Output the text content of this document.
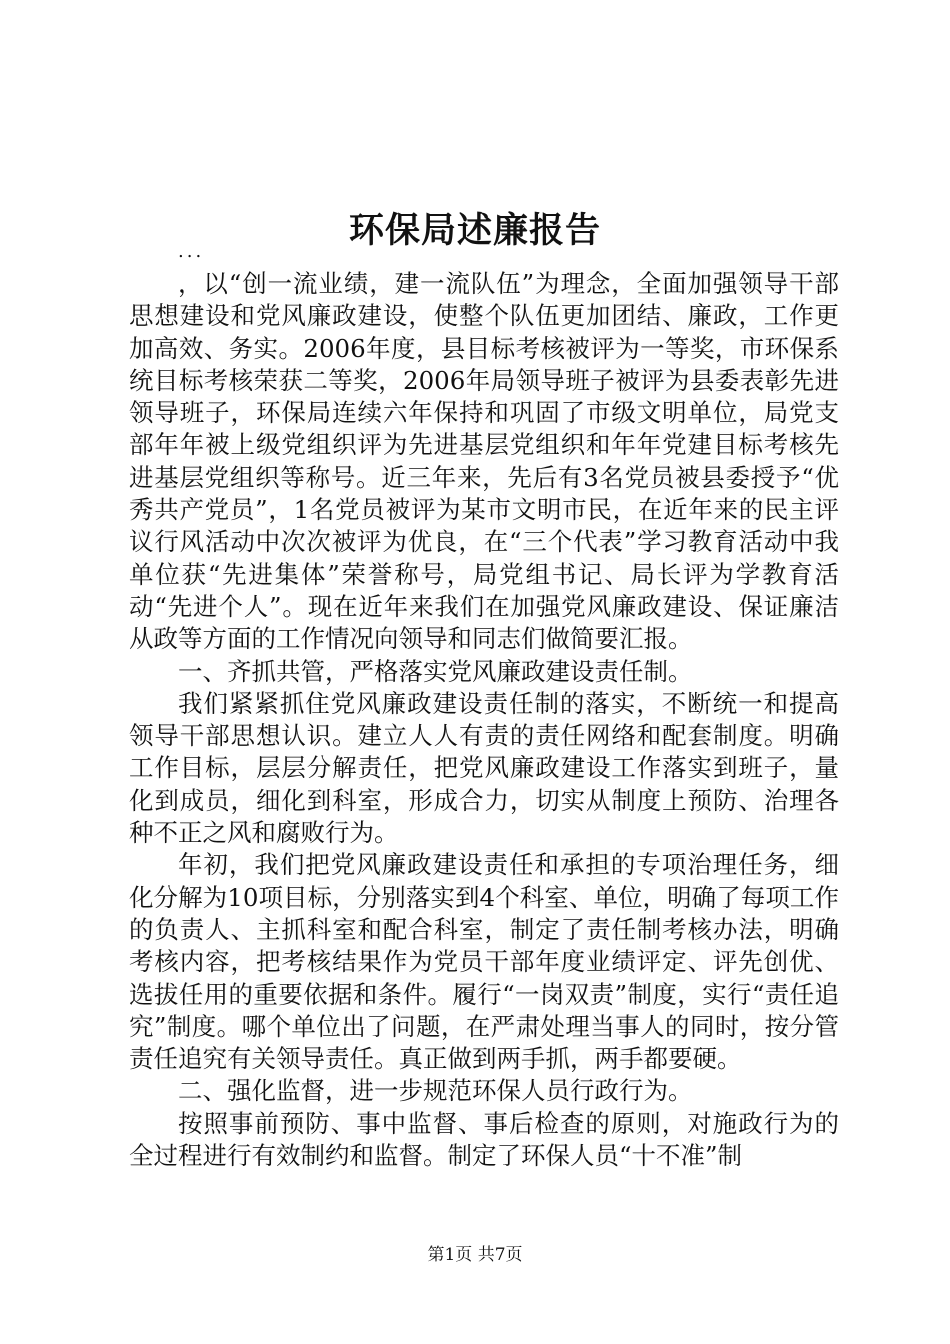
环保局述廉报告
...

，以“创一流业绩，建一流队伍”为理念，全面加强领导干部思想建设和党风廉政建设，使整个队伍更加团结、廉政，工作更加高效、务实。2006年度，县目标考核被评为一等奖，市环保系统目标考核荣获二等奖，2006年局领导班子被评为县委表彰先进领导班子，环保局连续六年保持和巩固了市级文明单位，局党支部年年被上级党组织评为先进基层党组织和年年党建目标考核先进基层党组织等称号。近三年来，先后有3名党员被县委授予“优秀共产党员”，1名党员被评为某市文明市民，在近年来的民主评议行风活动中次次被评为优良，在“三个代表”学习教育活动中我单位获“先进集体”荣誉称号，局党组书记、局长评为学教育活动“先进个人”。现在近年来我们在加强党风廉政建设、保证廉洁从政等方面的工作情况向领导和同志们做简要汇报。

一、齐抓共管，严格落实党风廉政建设责任制。

我们紧紧抓住党风廉政建设责任制的落实，不断统一和提高领导干部思想认识。建立人人有责的责任网络和配套制度。明确工作目标，层层分解责任，把党风廉政建设工作落实到班子，量化到成员，细化到科室，形成合力，切实从制度上预防、治理各种不正之风和腐败行为。

年初，我们把党风廉政建设责任和承担的专项治理任务，细化分解为10项目标，分别落实到4个科室、单位，明确了每项工作的负责人、主抓科室和配合科室，制定了责任制考核办法，明确考核内容，把考核结果作为党员干部年度业绩评定、评先创优、选拔任用的重要依据和条件。履行“一岗双责”制度，实行“责任追究”制度。哪个单位出了问题，在严肃处理当事人的同时，按分管责任追究有关领导责任。真正做到两手抓，两手都要硬。

二、强化监督，进一步规范环保人员行政行为。

按照事前预防、事中监督、事后检查的原则，对施政行为的全过程进行有效制约和监督。制定了环保人员“十不准”制

第1页 共7页
